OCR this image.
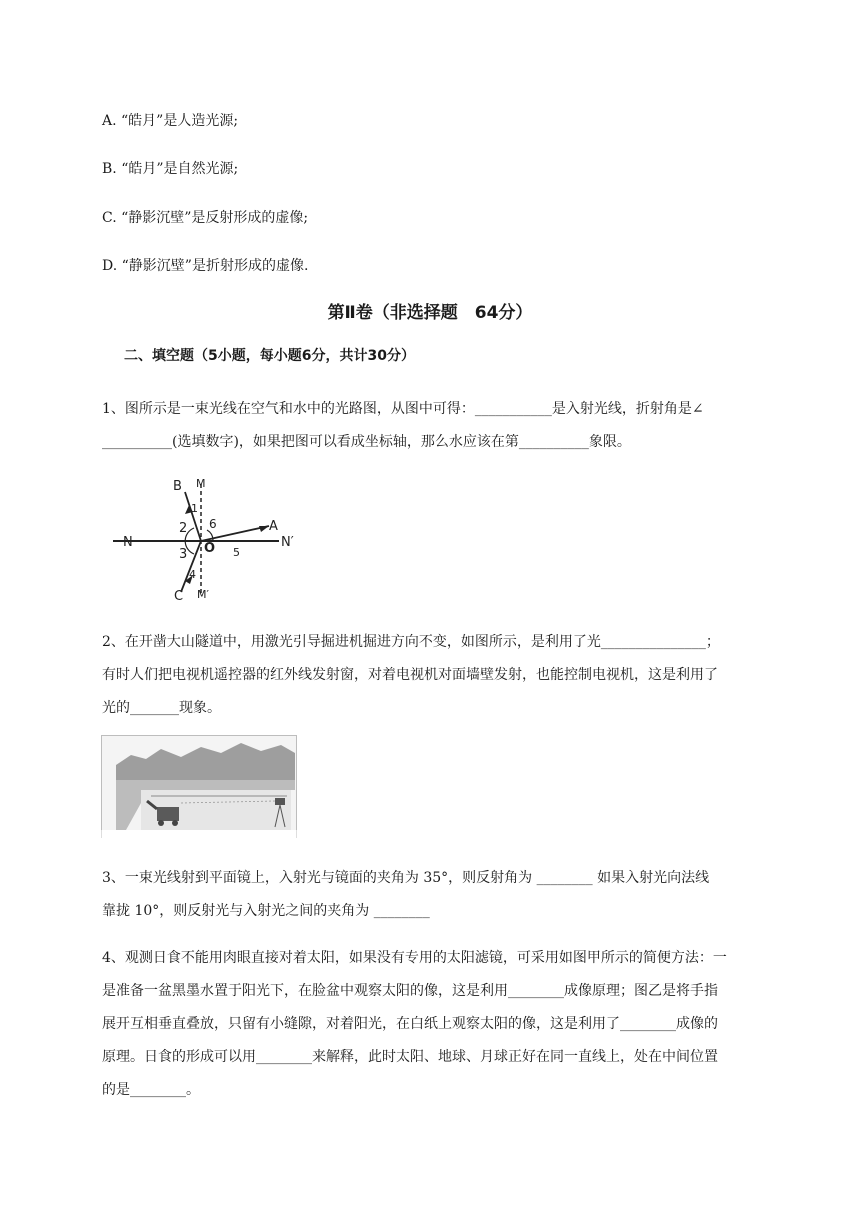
A. “皓月”是人造光源;
B. “皓月”是自然光源;
C. “静影沉壁”是反射形成的虚像;
D. “静影沉壁”是折射形成的虚像.
第Ⅱ卷（非选择题　64分）
二、填空题（5小题，每小题6分，共计30分）
1、图所示是一束光线在空气和水中的光路图，从图中可得：___________是入射光线，折射角是∠
__________(选填数字)，如果把图可以看成坐标轴，那么水应该在第__________象限。
B M
N	N′
A
O
C M′
1
2
3
4
5
6
2、在开凿大山隧道中，用激光引导掘进机掘进方向不变，如图所示，是利用了光_______________；
有时人们把电视机遥控器的红外线发射窗，对着电视机对面墙壁发射，也能控制电视机，这是利用了
光的_______现象。
3、一束光线射到平面镜上，入射光与镜面的夹角为 35°，则反射角为 ________ 如果入射光向法线
靠拢 10°，则反射光与入射光之间的夹角为 ________
4、观测日食不能用肉眼直接对着太阳，如果没有专用的太阳滤镜，可采用如图甲所示的简便方法：一
是准备一盆黑墨水置于阳光下，在脸盆中观察太阳的像，这是利用________成像原理；图乙是将手指
展开互相垂直叠放，只留有小缝隙，对着阳光，在白纸上观察太阳的像，这是利用了________成像的
原理。日食的形成可以用________来解释，此时太阳、地球、月球正好在同一直线上，处在中间位置
的是________。
